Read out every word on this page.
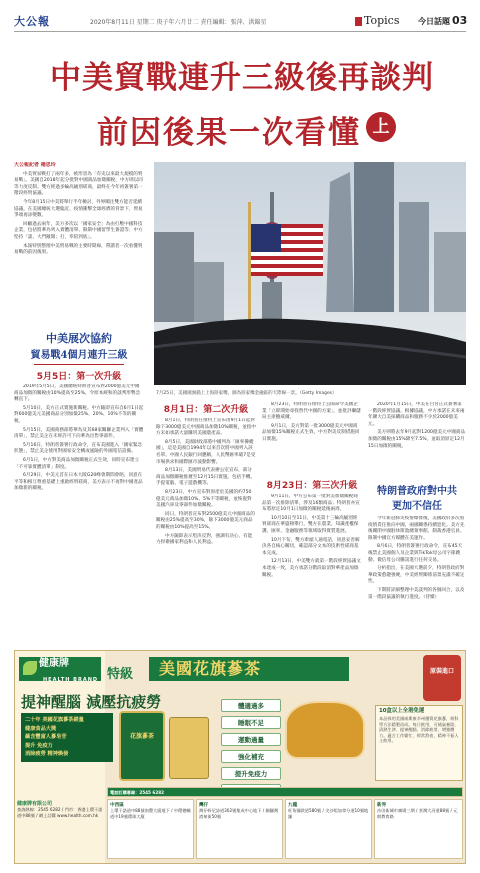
大公報	2020年8月11日 星期二 庚子年六月廿二 責任編輯：張萍、洪錦星	Topics 今日話題 03
中美貿戰連升三級後再談判
前因後果一次看懂 上
大公報記者 楊思玲

中美貿易戰打了兩年多，被形容為「有史以來最大規模的貿易戰」。美國自2018年起分批對中國商品加徵關稅，中方則以同等力度反制。雙方經過多輪高級別磋商，最終在今年初簽署第一階段經貿協議。

今年8月15日中美將舉行半年檢討，外界關注雙方能否延續協議。在美國總統大選臨近、疫情衝擊全球經濟的背景下，貿易爭端再添變數。

回顧過去兩年，美方多次以「國家安全」為由打壓中國科技企業，包括將華為列入實體清單、限制中國留學生簽證等；中方堅持「談，大門敞開；打，奉陪到底」。

本報特別整理中美貿易戰的主要時間線，帶讀者一次看懂貿易戰的前因後果。

中美展次協約
貿易戰4個月連升三級
5月5日：第一次升級

2019年5月5日，美國總統特朗普宣布對2000億美元中國商品加徵的關稅由10%提高至25%，令原本緩和的談判形勢急轉直下。

5月10日，美方正式實施新關稅。中方隨即宣布自6月1日起對600億美元美國商品分別加徵25%、20%、10%不等的關稅。

5月15日，美國商務部將華為及其68家關聯企業列入「實體清單」，禁止美企在未經許可下向華為出售零部件。

5月16日，特朗普簽署行政命令，宣布美國進入「國家緊急狀態」，禁止美企使用對國家安全構成風險的外國電信設備。

6月1日，中方對美商品加徵關稅正式生效，同時宣布建立「不可靠實體清單」制度。

6月29日，中美元首在日本大阪G20峰會期間會晤，同意在平等和相互尊重基礎上重啟經貿磋商，美方表示不再對中國產品加徵新的關稅。

7月25日，美國國旗插上上海陸家嘴，圖為陸家嘴金融區的天際線一景。（Getty Images）
8月1日：第二次升級

8月1日，特朗普在推特上宣布由9月1日起對餘下3000億美元中國商品加徵10%關稅，並指中方未如承諾大量購買美國農產品。

8月5日，美國財政部將中國列為「匯率操縱國」，這是美國自1994年以來首次將中國列入該名單。中國人民銀行回應稱，人民幣匯率破7是受市場供求和國際匯市波動影響。

8月13日，美國貿易代表辦公室宣布，部分商品加徵關稅推遲至12月15日實施，包括手機、手提電腦、電子遊戲機等。

8月23日，中方宣布對原產於美國的約750億美元商品加徵10%、5%不等關稅，並恢復對美國汽車及零部件加徵關稅。

同日，特朗普宣布對2500億美元中國商品的關稅由25%提高至30%，餘下3000億美元商品的關稅由10%提高至15%。

中方隨即表示堅決反對，強調有決心、有能力捍衛國家利益和人民利益。

8月23日：第三次升級

8月23日，特朗普在推特上公開命令美國企業「立即開始尋找替代中國的方案」，並批評聯儲局主席鮑威爾。

9月1日，美方對第一批3000億美元中國商品加徵15%關稅正式生效，中方對美反制措施同日實施。

9月11日，中方公布第一批對美加徵關稅商品第一次排除清單，涉及16類商品；特朗普亦宣布將原定10月1日加徵的關稅延後兩周。

10月10日至11日，中美第十三輪高級別經貿磋商在華盛頓舉行，雙方在農業、知識產權保護、匯率、金融服務等領域取得實質進展。

10月下旬，雙方牽頭人通電話，同意妥善解決各自核心關切，確認部分文本的技術性磋商基本完成。

12月13日，中美雙方就第一階段經貿協議文本達成一致，美方承諾分階段取消對華產品加徵關稅。

2020年1月15日，中美在白宮正式簽署第一階段經貿協議。根據協議，中方承諾在未來兩年擴大自美採購商品和服務不少於2000億美元。

美方則將去年9月起對1200億美元中國商品加徵的關稅由15%降至7.5%，並取消原定12月15日加徵的關稅。

特朗普政府對中共
更加不信任

今年新冠肺炎疫情爆發後，美國政府多次將疫情責任推向中國，兩國關係持續惡化。美方先後關閉中國駐休斯敦總領事館、制裁香港官員、限制中國官方媒體在美運作。

8月6日，特朗普簽署行政命令，宣布45天後禁止美國個人及企業與TikTok母公司字節跳動、微信母公司騰訊進行任何交易。

分析指出，在美國大選前夕，特朗普政府對華政策愈趨強硬，中美經貿關係前景充滿不確定性。

下期將詳細整理中美談判的各個回合，以及第一階段協議的執行進度。（待續）

健康牌
HEALTH BRAND 特級	美國花旗蔘茶	原裝進口
提神醒腦 減壓抗疲勞
二十年 美國花旗蔘茶銷量
健康食品大獎
蘊含豐富人蔘皂苷
提升 免疫力
消除疲勞 精神煥發
花旗蔘茶
體適過多
睡眠不足
運動過量
強化補充
提升免疫力
10盒以上全港免運
本品採用美國威斯康辛州優質花旗蔘，經科學方法精製而成。每日飲用，可補氣養陰、清熱生津、提神醒腦、消除疲勞、增強體力。適合工作繁忙、經常熬夜、精神不振人士飲用。
健康牌有限公司
查詢熱線：2545 6282 / 門市：香港上環干諾道中88號 / 網上訂購 www.health.com.hk
電話訂購專線：2545 6282
中西區
上環干諾道中88號南豐大廈地下 / 中環德輔道中19號環球大廈
灣仔
灣仔軒尼詩道302號集成中心地下 / 銅鑼灣渣甸街50號
九龍
旺角彌敦道580號 / 尖沙咀加拿分道10號地舖
新界
沙田新城市廣場三期 / 荃灣大河道88號 / 元朗教育路
